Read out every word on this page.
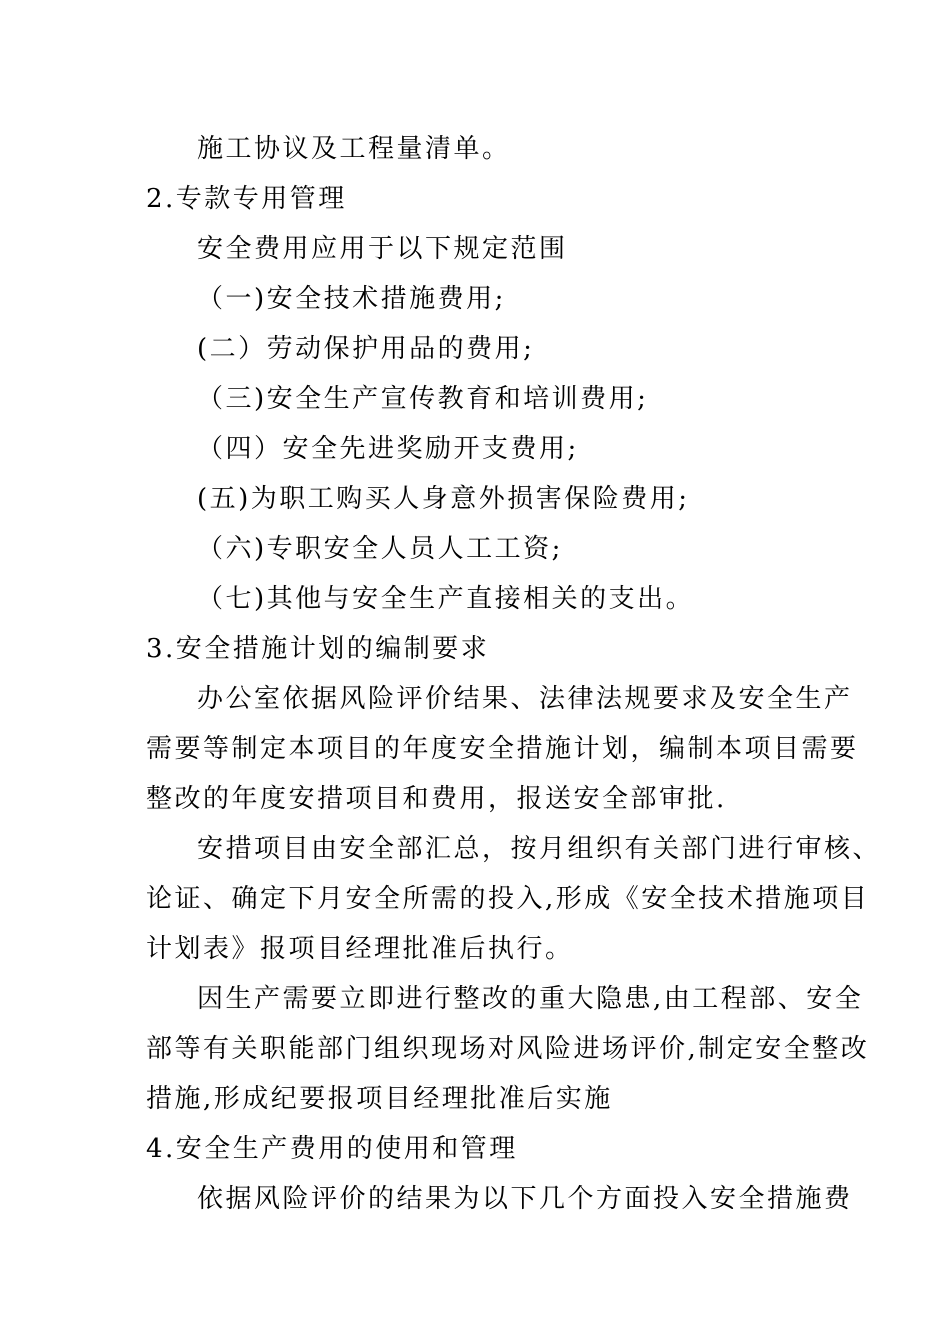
施工协议及工程量清单。
2.专款专用管理
安全费用应用于以下规定范围
（一)安全技术措施费用;
(二）劳动保护用品的费用;
（三)安全生产宣传教育和培训费用;
（四）安全先进奖励开支费用;
(五)为职工购买人身意外损害保险费用;
（六)专职安全人员人工工资;
（七)其他与安全生产直接相关的支出。
3.安全措施计划的编制要求
办公室依据风险评价结果、法律法规要求及安全生产
需要等制定本项目的年度安全措施计划，编制本项目需要
整改的年度安措项目和费用，报送安全部审批.
安措项目由安全部汇总，按月组织有关部门进行审核、
论证、确定下月安全所需的投入,形成《安全技术措施项目
计划表》报项目经理批准后执行。
因生产需要立即进行整改的重大隐患,由工程部、安全
部等有关职能部门组织现场对风险进场评价,制定安全整改
措施,形成纪要报项目经理批准后实施
4.安全生产费用的使用和管理
依据风险评价的结果为以下几个方面投入安全措施费
